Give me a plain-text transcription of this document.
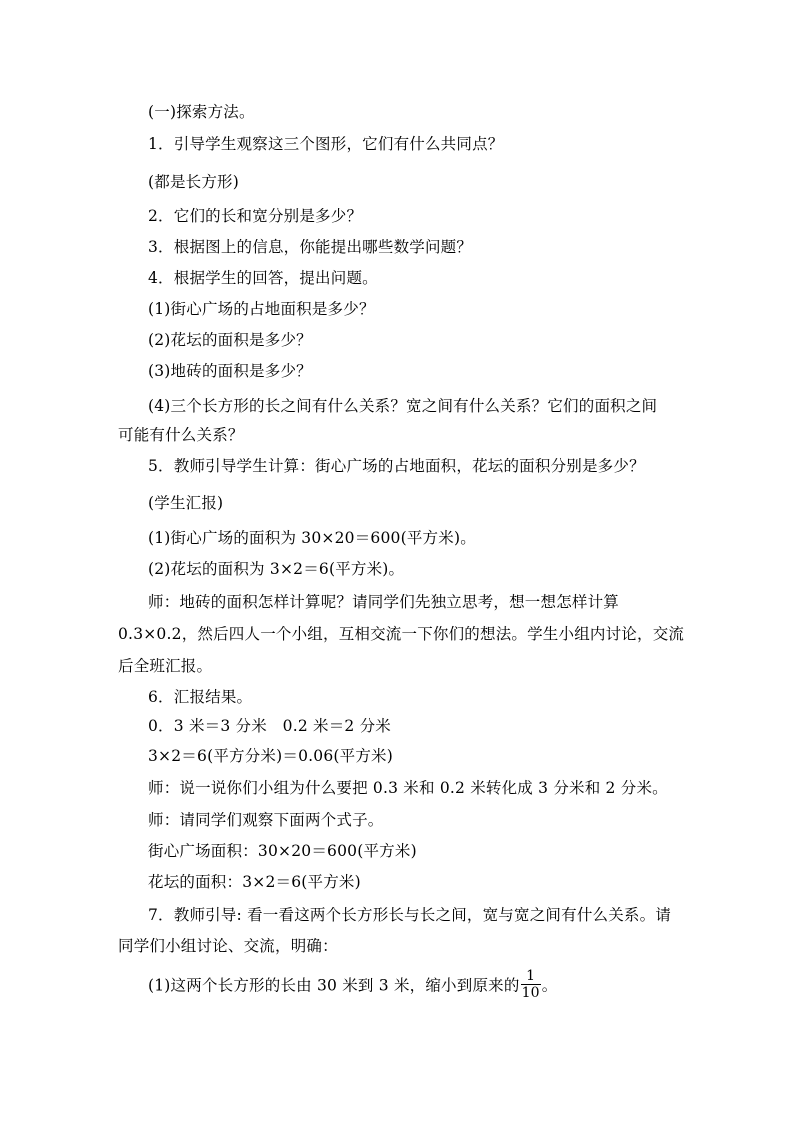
(一)探索方法。
1．引导学生观察这三个图形，它们有什么共同点？
(都是长方形)
2．它们的长和宽分别是多少？
3．根据图上的信息，你能提出哪些数学问题？
4．根据学生的回答，提出问题。
(1)街心广场的占地面积是多少？
(2)花坛的面积是多少？
(3)地砖的面积是多少？
(4)三个长方形的长之间有什么关系？宽之间有什么关系？它们的面积之间
可能有什么关系？
5．教师引导学生计算：街心广场的占地面积，花坛的面积分别是多少？
(学生汇报)
(1)街心广场的面积为 30×20＝600(平方米)。
(2)花坛的面积为 3×2＝6(平方米)。
师：地砖的面积怎样计算呢？请同学们先独立思考，想一想怎样计算
0.3×0.2，然后四人一个小组，互相交流一下你们的想法。学生小组内讨论，交流
后全班汇报。
6．汇报结果。
0．3 米＝3 分米　0.2 米＝2 分米
3×2＝6(平方分米)＝0.06(平方米)
师：说一说你们小组为什么要把 0.3 米和 0.2 米转化成 3 分米和 2 分米。
师：请同学们观察下面两个式子。
街心广场面积：30×20＝600(平方米)
花坛的面积：3×2＝6(平方米)
7．教师引导: 看一看这两个长方形长与长之间，宽与宽之间有什么关系。请
同学们小组讨论、交流，明确：
(1)这两个长方形的长由 30 米到 3 米，缩小到原来的 $\frac{1}{10}$ 。
